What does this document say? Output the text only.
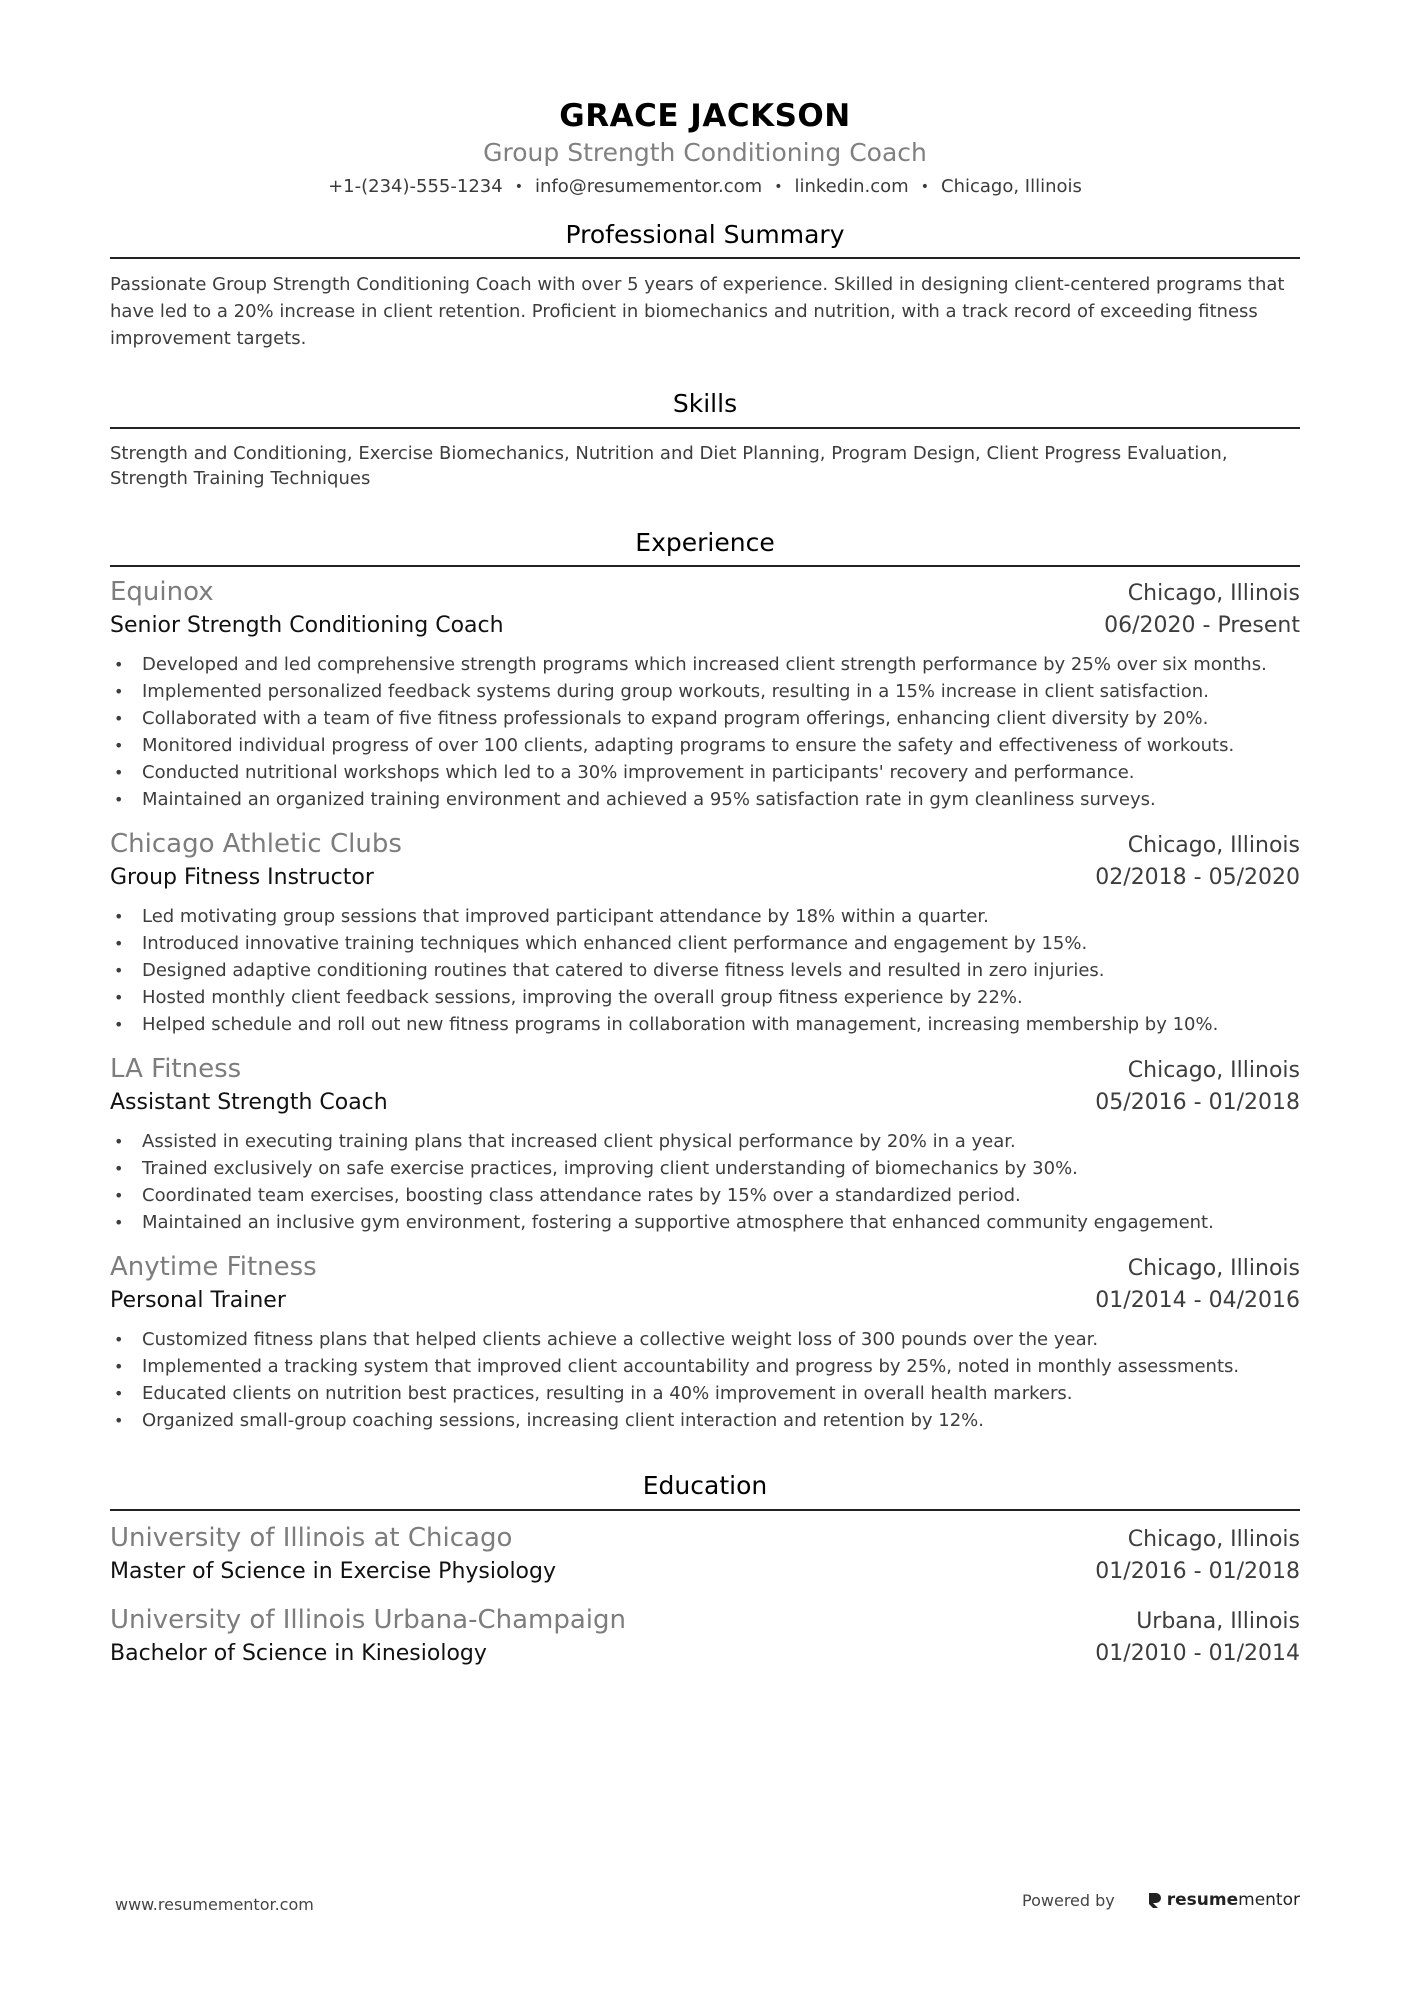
GRACE JACKSON
Group Strength Conditioning Coach
+1-(234)-555-1234 • info@resumementor.com • linkedin.com • Chicago, Illinois
Professional Summary
Passionate Group Strength Conditioning Coach with over 5 years of experience. Skilled in designing client-centered programs that have led to a 20% increase in client retention. Proficient in biomechanics and nutrition, with a track record of exceeding fitness improvement targets.
Skills
Strength and Conditioning, Exercise Biomechanics, Nutrition and Diet Planning, Program Design, Client Progress Evaluation, Strength Training Techniques
Experience
Equinox	Chicago, Illinois
Senior Strength Conditioning Coach	06/2020 - Present
• Developed and led comprehensive strength programs which increased client strength performance by 25% over six months.
• Implemented personalized feedback systems during group workouts, resulting in a 15% increase in client satisfaction.
• Collaborated with a team of five fitness professionals to expand program offerings, enhancing client diversity by 20%.
• Monitored individual progress of over 100 clients, adapting programs to ensure the safety and effectiveness of workouts.
• Conducted nutritional workshops which led to a 30% improvement in participants' recovery and performance.
• Maintained an organized training environment and achieved a 95% satisfaction rate in gym cleanliness surveys.
Chicago Athletic Clubs	Chicago, Illinois
Group Fitness Instructor	02/2018 - 05/2020
• Led motivating group sessions that improved participant attendance by 18% within a quarter.
• Introduced innovative training techniques which enhanced client performance and engagement by 15%.
• Designed adaptive conditioning routines that catered to diverse fitness levels and resulted in zero injuries.
• Hosted monthly client feedback sessions, improving the overall group fitness experience by 22%.
• Helped schedule and roll out new fitness programs in collaboration with management, increasing membership by 10%.
LA Fitness	Chicago, Illinois
Assistant Strength Coach	05/2016 - 01/2018
• Assisted in executing training plans that increased client physical performance by 20% in a year.
• Trained exclusively on safe exercise practices, improving client understanding of biomechanics by 30%.
• Coordinated team exercises, boosting class attendance rates by 15% over a standardized period.
• Maintained an inclusive gym environment, fostering a supportive atmosphere that enhanced community engagement.
Anytime Fitness	Chicago, Illinois
Personal Trainer	01/2014 - 04/2016
• Customized fitness plans that helped clients achieve a collective weight loss of 300 pounds over the year.
• Implemented a tracking system that improved client accountability and progress by 25%, noted in monthly assessments.
• Educated clients on nutrition best practices, resulting in a 40% improvement in overall health markers.
• Organized small-group coaching sessions, increasing client interaction and retention by 12%.
Education
University of Illinois at Chicago	Chicago, Illinois
Master of Science in Exercise Physiology	01/2016 - 01/2018
University of Illinois Urbana-Champaign	Urbana, Illinois
Bachelor of Science in Kinesiology	01/2010 - 01/2014
www.resumementor.com	Powered by	resume mentor
